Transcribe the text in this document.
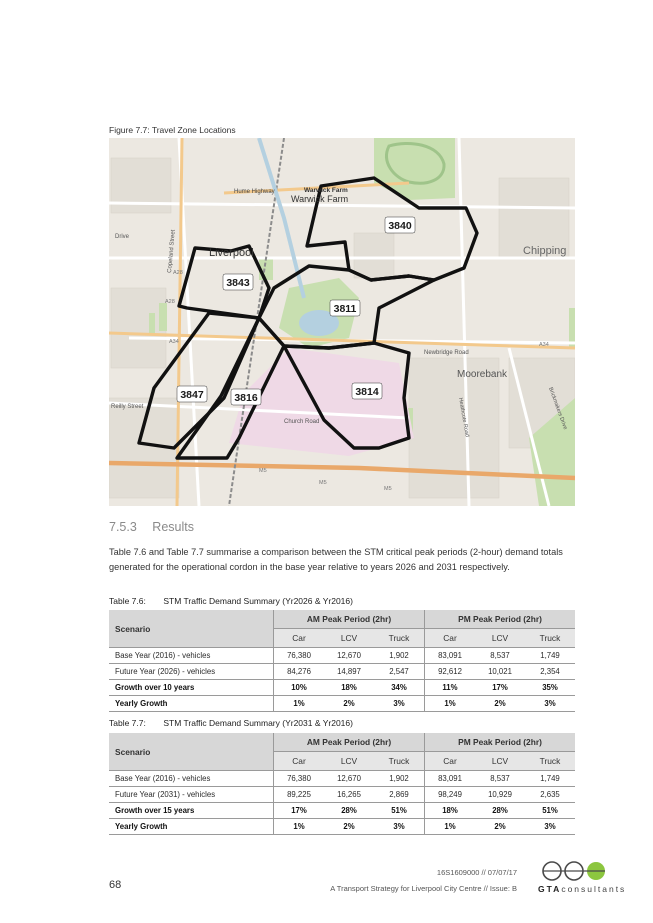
Figure 7.7: Travel Zone Locations
3840
3843
3811
3847	3816	3814
Warwick Farm
Warwick Farm
Hume Highway
Liverpool	Chipping
Moorebank
Newbridge Road
A34
A34
Church Road
Reilly Street
Drive	Copeland Street
A28
A28
M5
M5
M5
Heathcote Road	Brickmakers Drive
7.5.3 Results
Table 7.6 and Table 7.7 summarise a comparison between the STM critical peak periods (2-hour) demand totals generated for the operational cordon in the base year relative to years 2026 and 2031 respectively.
Table 7.6: STM Traffic Demand Summary (Yr2026 & Yr2016)
Scenario	AM Peak Period (2hr)			PM Peak Period (2hr)		
	Car	LCV	Truck	Car	LCV	Truck
Base Year (2016) - vehicles	76,380	12,670	1,902	83,091	8,537	1,749
Future Year (2026) - vehicles	84,276	14,897	2,547	92,612	10,021	2,354
Growth over 10 years	10%	18%	34%	11%	17%	35%
Yearly Growth	1%	2%	3%	1%	2%	3%
Table 7.7: STM Traffic Demand Summary (Yr2031 & Yr2016)
Scenario	AM Peak Period (2hr)			PM Peak Period (2hr)		
	Car	LCV	Truck	Car	LCV	Truck
Base Year (2016) - vehicles	76,380	12,670	1,902	83,091	8,537	1,749
Future Year (2031) - vehicles	89,225	16,265	2,869	98,249	10,929	2,635
Growth over 15 years	17%	28%	51%	18%	28%	51%
Yearly Growth	1%	2%	3%	1%	2%	3%
16S1609000 // 07/07/17
A Transport Strategy for Liverpool City Centre // Issue: B
68	GTAconsultants
